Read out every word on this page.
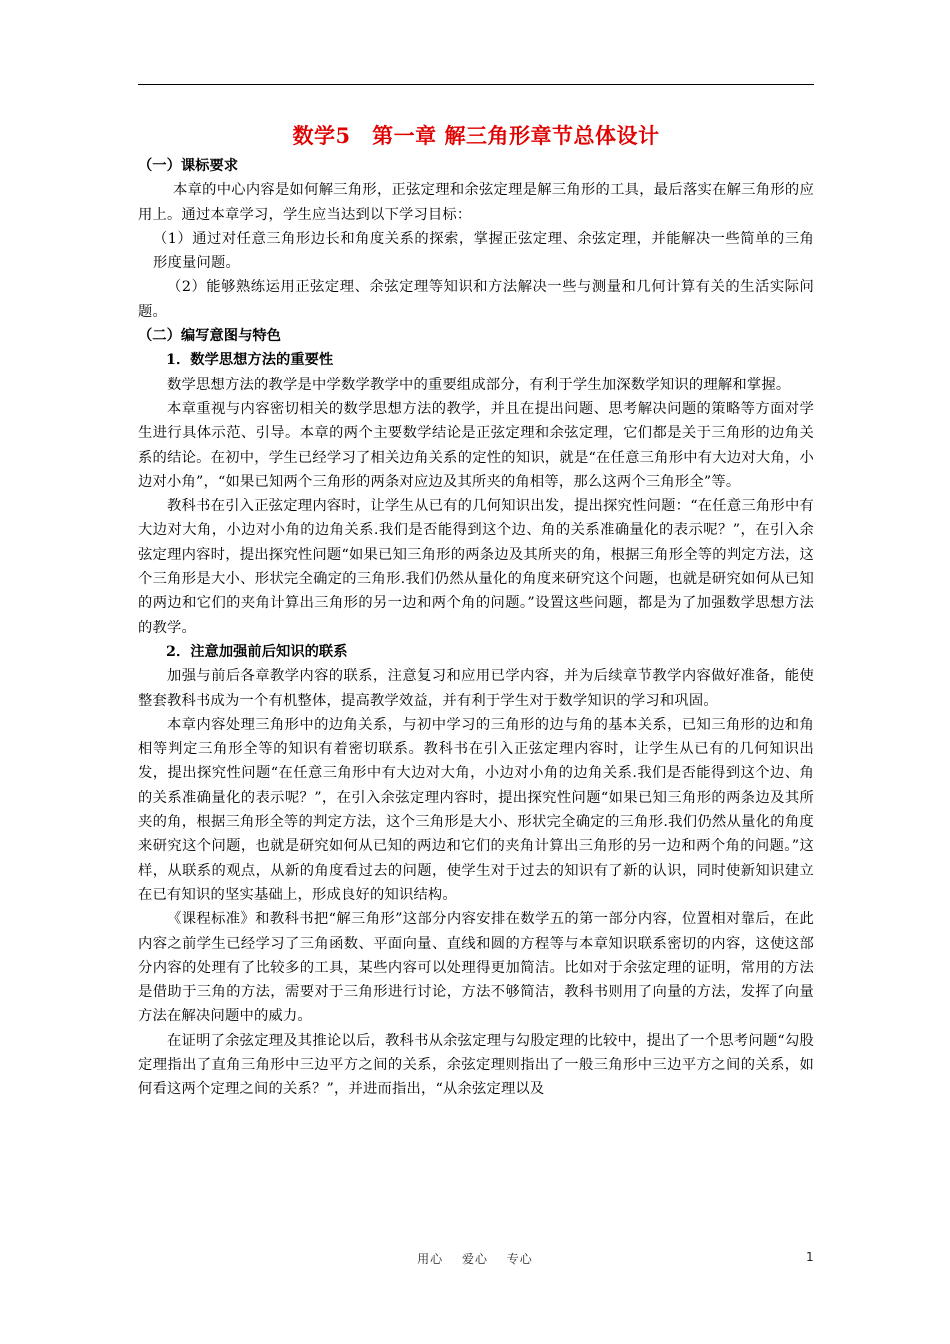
数学5　第一章 解三角形章节总体设计
（一）课标要求

本章的中心内容是如何解三角形，正弦定理和余弦定理是解三角形的工具，最后落实在解三角形的应用上。通过本章学习，学生应当达到以下学习目标：

（1）通过对任意三角形边长和角度关系的探索，掌握正弦定理、余弦定理，并能解决一些简单的三角形度量问题。

（2）能够熟练运用正弦定理、余弦定理等知识和方法解决一些与测量和几何计算有关的生活实际问题。

（二）编写意图与特色
1．数学思想方法的重要性

数学思想方法的教学是中学数学教学中的重要组成部分，有利于学生加深数学知识的理解和掌握。

本章重视与内容密切相关的数学思想方法的教学，并且在提出问题、思考解决问题的策略等方面对学生进行具体示范、引导。本章的两个主要数学结论是正弦定理和余弦定理，它们都是关于三角形的边角关系的结论。在初中，学生已经学习了相关边角关系的定性的知识，就是“在任意三角形中有大边对大角，小边对小角”，“如果已知两个三角形的两条对应边及其所夹的角相等，那么这两个三角形全”等。

教科书在引入正弦定理内容时，让学生从已有的几何知识出发，提出探究性问题：“在任意三角形中有大边对大角，小边对小角的边角关系.我们是否能得到这个边、角的关系准确量化的表示呢？”，在引入余弦定理内容时，提出探究性问题“如果已知三角形的两条边及其所夹的角，根据三角形全等的判定方法，这个三角形是大小、形状完全确定的三角形.我们仍然从量化的角度来研究这个问题，也就是研究如何从已知的两边和它们的夹角计算出三角形的另一边和两个角的问题。”设置这些问题，都是为了加强数学思想方法的教学。

2．注意加强前后知识的联系

加强与前后各章教学内容的联系，注意复习和应用已学内容，并为后续章节教学内容做好准备，能使整套教科书成为一个有机整体，提高教学效益，并有利于学生对于数学知识的学习和巩固。

本章内容处理三角形中的边角关系，与初中学习的三角形的边与角的基本关系，已知三角形的边和角相等判定三角形全等的知识有着密切联系。教科书在引入正弦定理内容时，让学生从已有的几何知识出发，提出探究性问题“在任意三角形中有大边对大角，小边对小角的边角关系.我们是否能得到这个边、角的关系准确量化的表示呢？”，在引入余弦定理内容时，提出探究性问题“如果已知三角形的两条边及其所夹的角，根据三角形全等的判定方法，这个三角形是大小、形状完全确定的三角形.我们仍然从量化的角度来研究这个问题，也就是研究如何从已知的两边和它们的夹角计算出三角形的另一边和两个角的问题。”这样，从联系的观点，从新的角度看过去的问题，使学生对于过去的知识有了新的认识，同时使新知识建立在已有知识的坚实基础上，形成良好的知识结构。

《课程标准》和教科书把“解三角形”这部分内容安排在数学五的第一部分内容，位置相对靠后，在此内容之前学生已经学习了三角函数、平面向量、直线和圆的方程等与本章知识联系密切的内容，这使这部分内容的处理有了比较多的工具，某些内容可以处理得更加简洁。比如对于余弦定理的证明，常用的方法是借助于三角的方法，需要对于三角形进行讨论，方法不够简洁，教科书则用了向量的方法，发挥了向量方法在解决问题中的威力。

在证明了余弦定理及其推论以后，教科书从余弦定理与勾股定理的比较中，提出了一个思考问题“勾股定理指出了直角三角形中三边平方之间的关系，余弦定理则指出了一般三角形中三边平方之间的关系，如何看这两个定理之间的关系？”，并进而指出，“从余弦定理以及

用心 爱心 专心	1
